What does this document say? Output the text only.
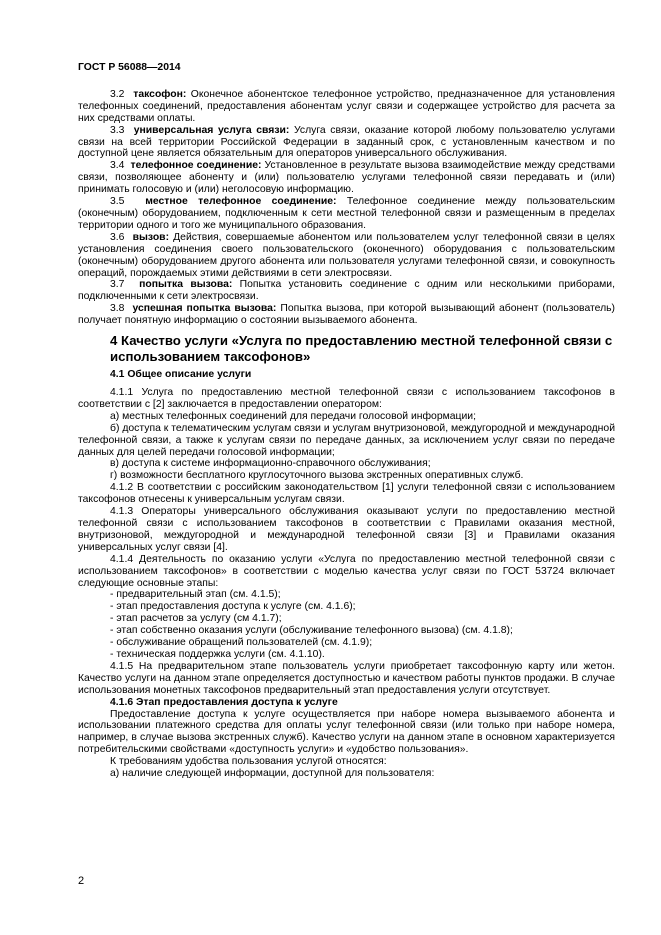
ГОСТ Р 56088—2014

3.2 таксофон: Оконечное абонентское телефонное устройство, предназначенное для установления телефонных соединений, предоставления абонентам услуг связи и содержащее устройство для расчета за них средствами оплаты.

3.3 универсальная услуга связи: Услуга связи, оказание которой любому пользователю услугами связи на всей территории Российской Федерации в заданный срок, с установленным качеством и по доступной цене является обязательным для операторов универсального обслуживания.

3.4 телефонное соединение: Установленное в результате вызова взаимодействие между средствами связи, позволяющее абоненту и (или) пользователю услугами телефонной связи передавать и (или) принимать голосовую и (или) неголосовую информацию.

3.5 местное телефонное соединение: Телефонное соединение между пользовательским (оконечным) оборудованием, подключенным к сети местной телефонной связи и размещенным в пределах территории одного и того же муниципального образования.

3.6 вызов: Действия, совершаемые абонентом или пользователем услуг телефонной связи в целях установления соединения своего пользовательского (оконечного) оборудования с пользовательским (оконечным) оборудованием другого абонента или пользователя услугами телефонной связи, и совокупность операций, порождаемых этими действиями в сети электросвязи.

3.7 попытка вызова: Попытка установить соединение с одним или несколькими приборами, подключенными к сети электросвязи.

3.8 успешная попытка вызова: Попытка вызова, при которой вызывающий абонент (пользователь) получает понятную информацию о состоянии вызываемого абонента.

4 Качество услуги «Услуга по предоставлению местной телефонной связи с использованием таксофонов»
4.1 Общее описание услуги

4.1.1 Услуга по предоставлению местной телефонной связи с использованием таксофонов в соответствии с [2] заключается в предоставлении оператором:

а) местных телефонных соединений для передачи голосовой информации;

б) доступа к телематическим услугам связи и услугам внутризоновой, междугородной и международной телефонной связи, а также к услугам связи по передаче данных, за исключением услуг связи по передаче данных для целей передачи голосовой информации;

в) доступа к системе информационно-справочного обслуживания;

г) возможности бесплатного круглосуточного вызова экстренных оперативных служб.

4.1.2 В соответствии с российским законодательством [1] услуги телефонной связи с использованием таксофонов отнесены к универсальным услугам связи.

4.1.3 Операторы универсального обслуживания оказывают услуги по предоставлению местной телефонной связи с использованием таксофонов в соответствии с Правилами оказания местной, внутризоновой, междугородной и международной телефонной связи [3] и Правилами оказания универсальных услуг связи [4].

4.1.4 Деятельность по оказанию услуги «Услуга по предоставлению местной телефонной связи с использованием таксофонов» в соответствии с моделью качества услуг связи по ГОСТ 53724 включает следующие основные этапы:

- предварительный этап (см. 4.1.5);

- этап предоставления доступа к услуге (см. 4.1.6);

- этап расчетов за услугу (см 4.1.7);

- этап собственно оказания услуги (обслуживание телефонного вызова) (см. 4.1.8);

- обслуживание обращений пользователей (см. 4.1.9);

- техническая поддержка услуги (см. 4.1.10).

4.1.5 На предварительном этапе пользователь услуги приобретает таксофонную карту или жетон. Качество услуги на данном этапе определяется доступностью и качеством работы пунктов продажи. В случае использования монетных таксофонов предварительный этап предоставления услуги отсутствует.

4.1.6 Этап предоставления доступа к услуге

Предоставление доступа к услуге осуществляется при наборе номера вызываемого абонента и использовании платежного средства для оплаты услуг телефонной связи (или только при наборе номера, например, в случае вызова экстренных служб). Качество услуги на данном этапе в основном характеризуется потребительскими свойствами «доступность услуги» и «удобство пользования».

К требованиям удобства пользования услугой относятся:

а) наличие следующей информации, доступной для пользователя:

2
